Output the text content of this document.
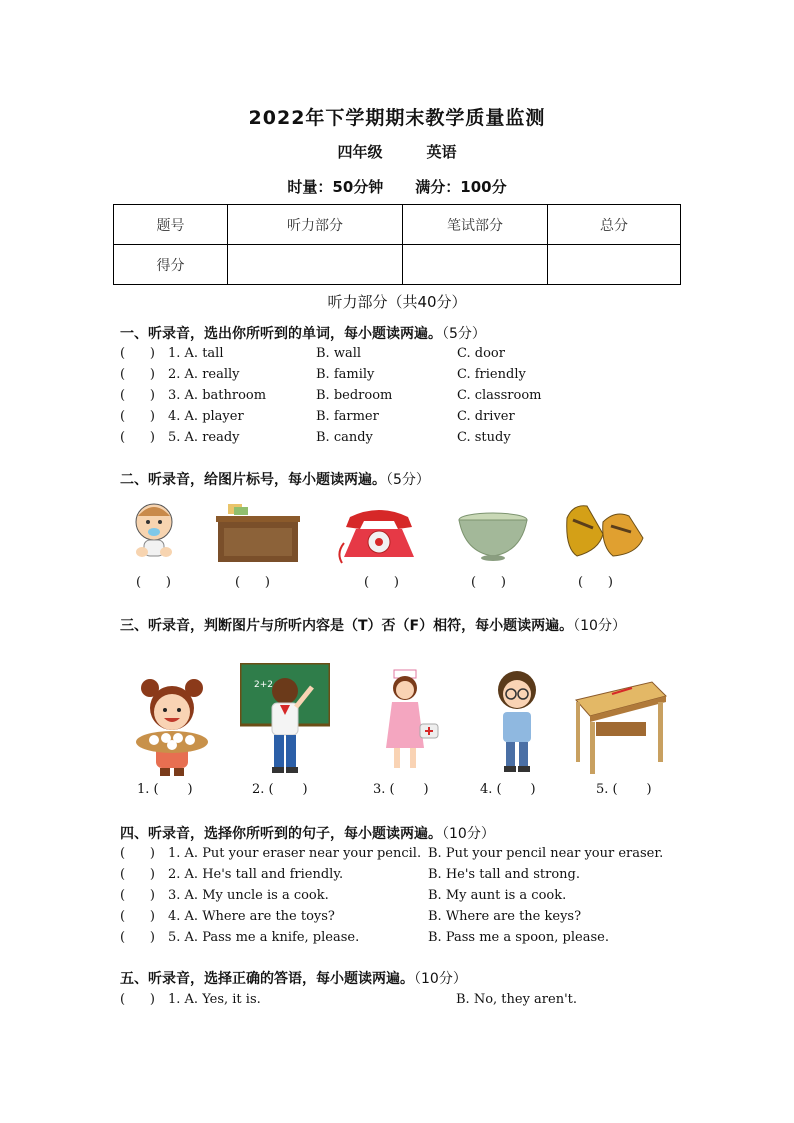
2022年下学期期末教学质量监测
四年级	英语
时量：50分钟 满分：100分
题号	听力部分	笔试部分	总分
得分			
听力部分（共40分）
一、听录音，选出你所听到的单词，每小题读两遍。（5分）
(      ) 1. A. tall	B. wall	C. door
(      ) 2. A. really	B. family	C. friendly
(      ) 3. A. bathroom	B. bedroom	C. classroom
(      ) 4. A. player	B. farmer	C. driver
(      ) 5. A. ready	B. candy	C. study
二、听录音，给图片标号，每小题读两遍。（5分）
(      )	(      )	(      )	(      )	(      )
三、听录音，判断图片与所听内容是（T）否（F）相符，每小题读两遍。（10分）
2+2
1. (       )	2. (       )	3. (       )	4. (       )	5. (       )
四、听录音，选择你所听到的句子，每小题读两遍。（10分）
(      ) 1. A. Put your eraser near your pencil. B. Put your pencil near your eraser.
(      ) 2. A. He's tall and friendly.	B. He's tall and strong.
(      ) 3. A. My uncle is a cook.	B. My aunt is a cook.
(      ) 4. A. Where are the toys?	B. Where are the keys?
(      ) 5. A. Pass me a knife, please.	B. Pass me a spoon, please.
五、听录音，选择正确的答语，每小题读两遍。（10分）
(      ) 1. A. Yes, it is.	B. No, they aren't.
